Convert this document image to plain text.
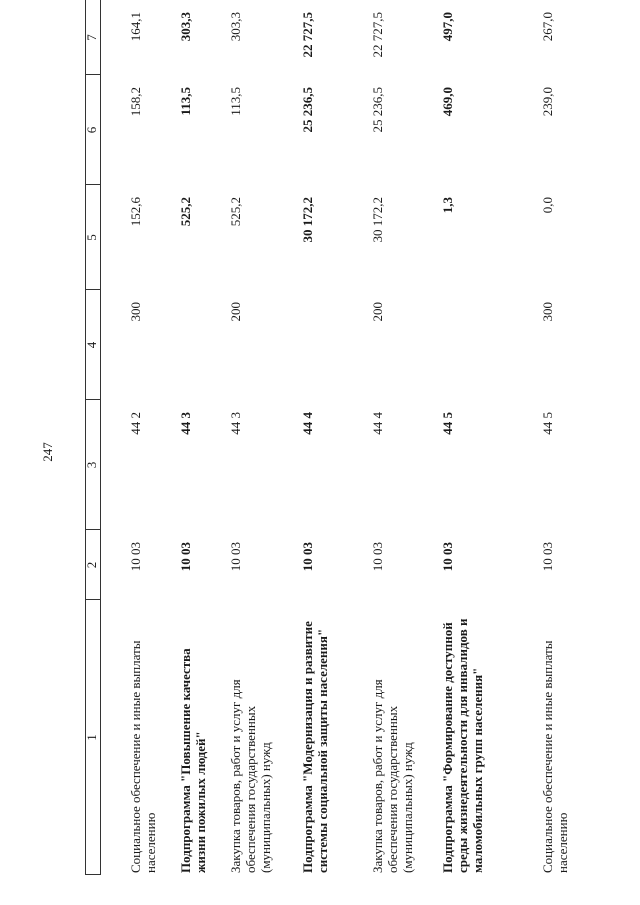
247
1
2
3
4
5
6
7
Социальное обеспечение и иные выплаты населению
10 03
44 2
300
152,6
158,2
164,1
Подпрограмма "Повышение качества жизни пожилых людей"
10 03
44 3
525,2
113,5
303,3
Закупка товаров, работ и услуг для обеспечения государственных (муниципальных) нужд
10 03
44 3
200
525,2
113,5
303,3
Подпрограмма "Модернизация и развитие системы социальной защиты населения"
10 03
44 4
30 172,2
25 236,5
22 727,5
Закупка товаров, работ и услуг для обеспечения государственных (муниципальных) нужд
10 03
44 4
200
30 172,2
25 236,5
22 727,5
Подпрограмма "Формирование доступной среды жизнедеятельности для инвалидов и маломобильных групп населения"
10 03
44 5
1,3
469,0
497,0
Социальное обеспечение и иные выплаты населению
10 03
44 5
300
0,0
239,0
267,0
